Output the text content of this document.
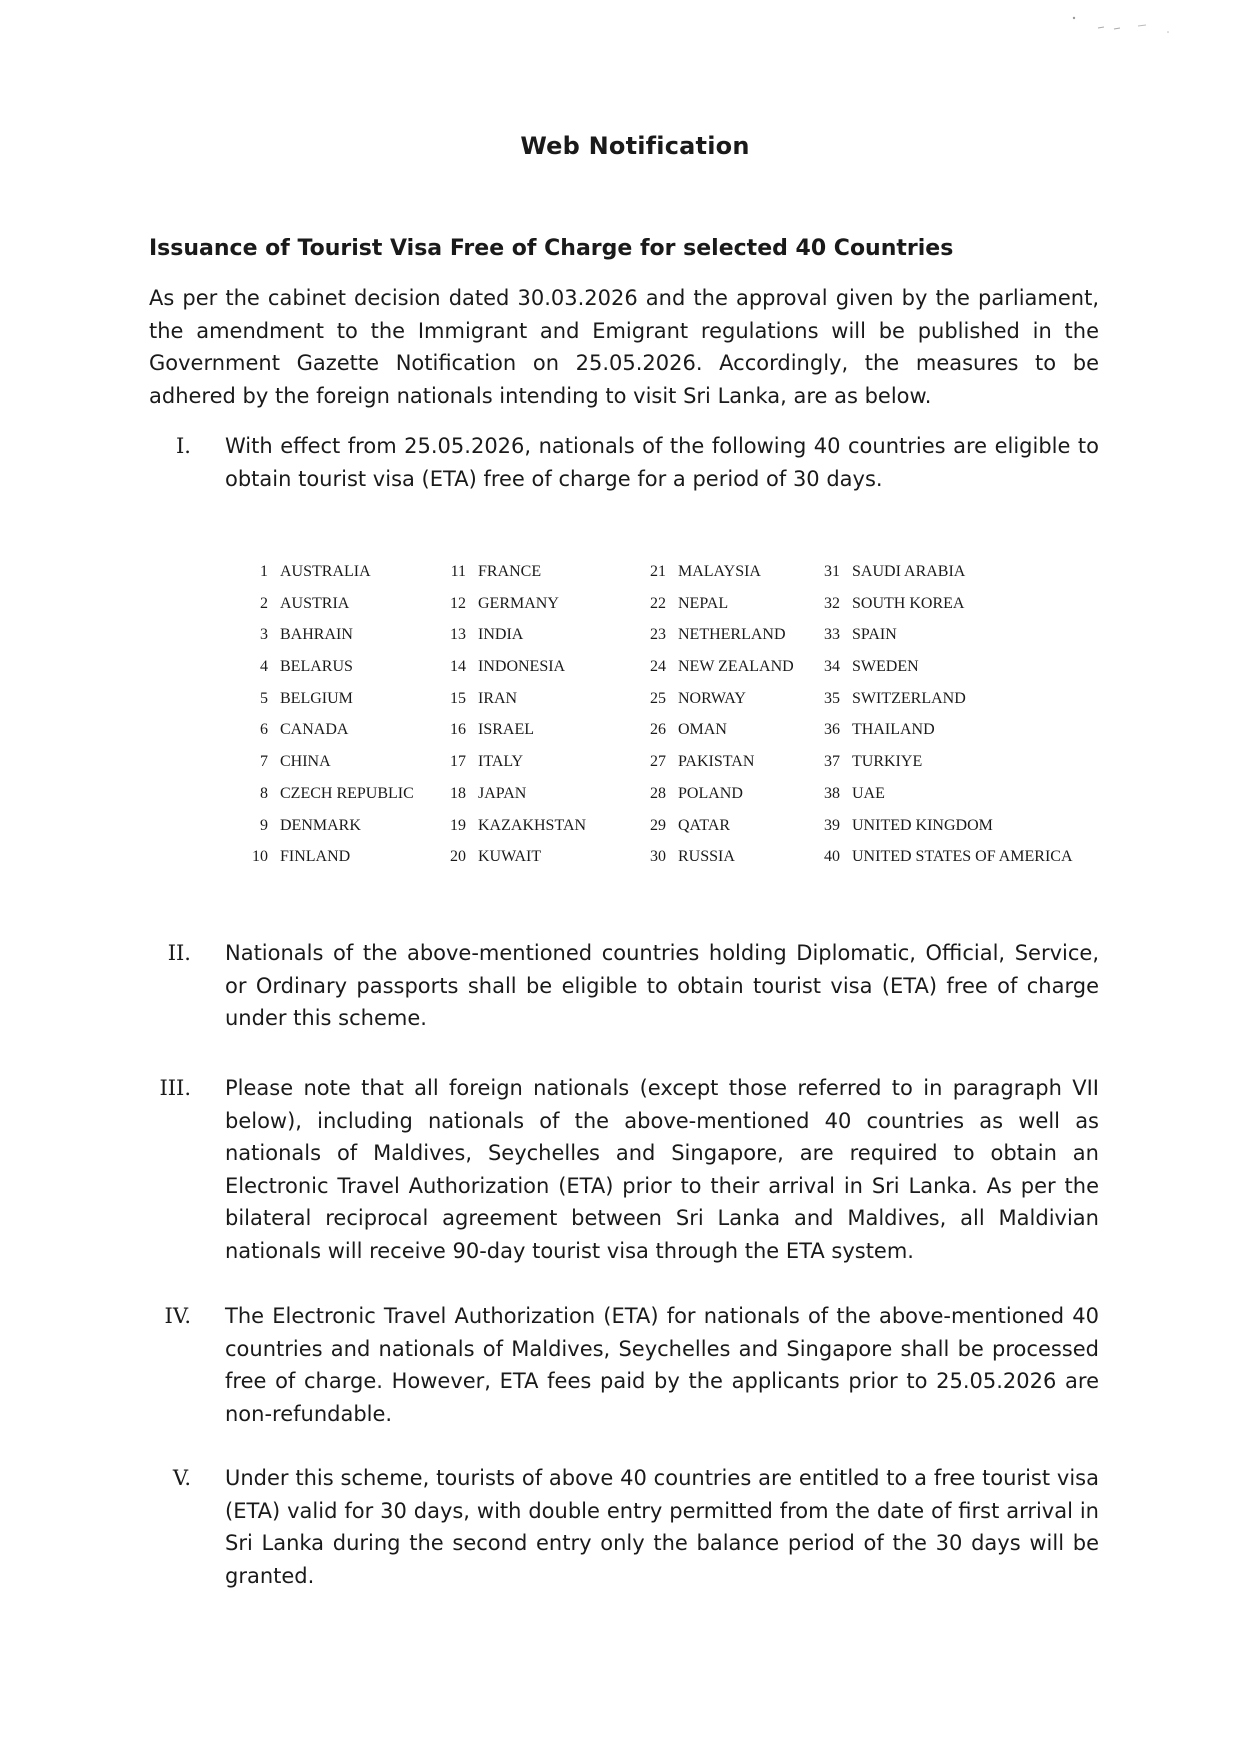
Web Notification
Issuance of Tourist Visa Free of Charge for selected 40 Countries
As per the cabinet decision dated 30.03.2026 and the approval given by the parliament, the amendment to the Immigrant and Emigrant regulations will be published in the Government Gazette Notification on 25.05.2026. Accordingly, the measures to be adhered by the foreign nationals intending to visit Sri Lanka, are as below.
I. With effect from 25.05.2026, nationals of the following 40 countries are eligible to obtain tourist visa (ETA) free of charge for a period of 30 days.
1 AUSTRALIA
2 AUSTRIA
3 BAHRAIN
4 BELARUS
5 BELGIUM
6 CANADA
7 CHINA
8 CZECH REPUBLIC
9 DENMARK
10 FINLAND
11 FRANCE
12 GERMANY
13 INDIA
14 INDONESIA
15 IRAN
16 ISRAEL
17 ITALY
18 JAPAN
19 KAZAKHSTAN
20 KUWAIT
21 MALAYSIA
22 NEPAL
23 NETHERLAND
24 NEW ZEALAND
25 NORWAY
26 OMAN
27 PAKISTAN
28 POLAND
29 QATAR
30 RUSSIA
31 SAUDI ARABIA
32 SOUTH KOREA
33 SPAIN
34 SWEDEN
35 SWITZERLAND
36 THAILAND
37 TURKIYE
38 UAE
39 UNITED KINGDOM
40 UNITED STATES OF AMERICA
II. Nationals of the above-mentioned countries holding Diplomatic, Official, Service, or Ordinary passports shall be eligible to obtain tourist visa (ETA) free of charge under this scheme.
III. Please note that all foreign nationals (except those referred to in paragraph VII below), including nationals of the above-mentioned 40 countries as well as nationals of Maldives, Seychelles and Singapore, are required to obtain an Electronic Travel Authorization (ETA) prior to their arrival in Sri Lanka. As per the bilateral reciprocal agreement between Sri Lanka and Maldives, all Maldivian nationals will receive 90-day tourist visa through the ETA system.
IV. The Electronic Travel Authorization (ETA) for nationals of the above-mentioned 40 countries and nationals of Maldives, Seychelles and Singapore shall be processed free of charge. However, ETA fees paid by the applicants prior to 25.05.2026 are non-refundable.
V. Under this scheme, tourists of above 40 countries are entitled to a free tourist visa (ETA) valid for 30 days, with double entry permitted from the date of first arrival in Sri Lanka during the second entry only the balance period of the 30 days will be granted.
